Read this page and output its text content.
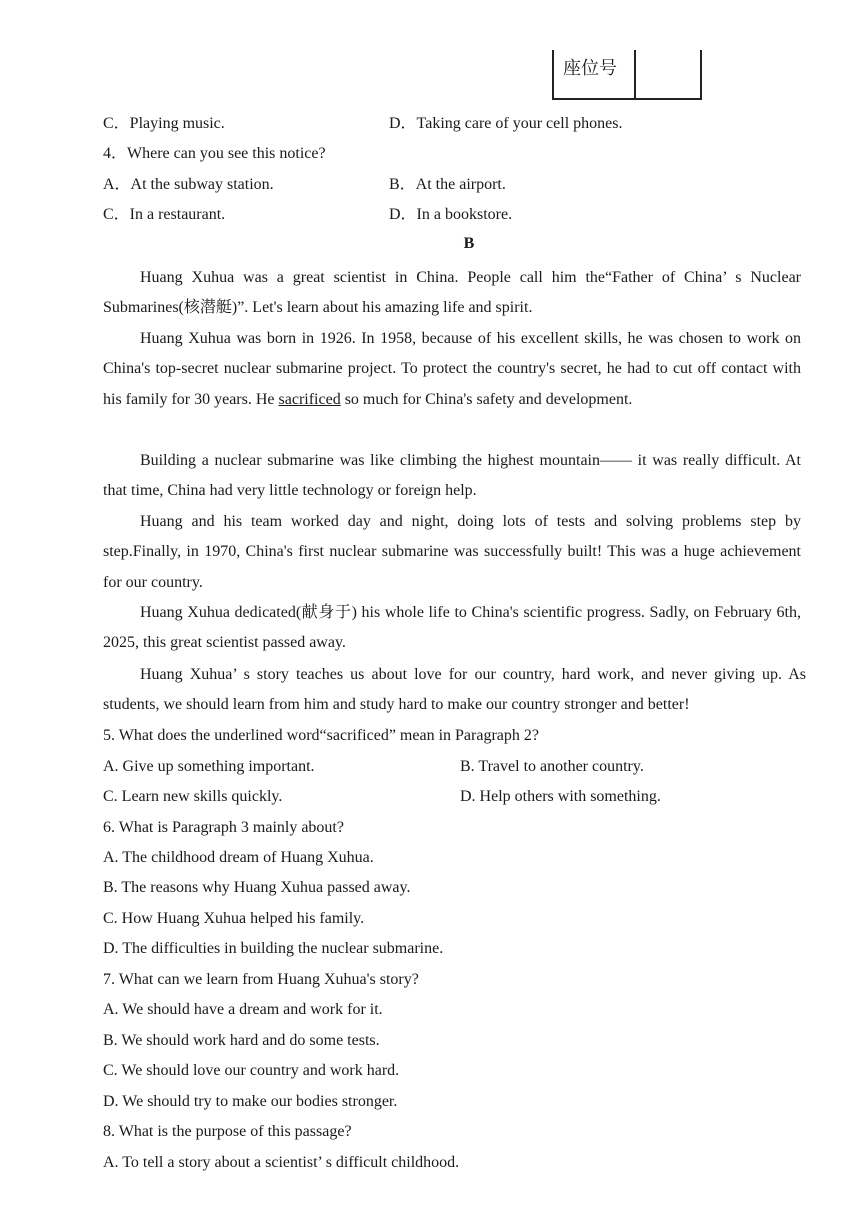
座位号
C．Playing music.	D．Taking care of your cell phones.
4．Where can you see this notice?
A．At the subway station.	B．At the airport.
C．In a restaurant.	D．In a bookstore.
B
Huang Xuhua was a great scientist in China. People call him the“Father of China’ s Nuclear Submarines(核潜艇)”. Let's learn about his amazing life and spirit.
Huang Xuhua was born in 1926. In 1958, because of his excellent skills, he was chosen to work on China's top-secret nuclear submarine project. To protect the country's secret, he had to cut off contact with his family for 30 years. He sacrificed so much for China's safety and development.
Building a nuclear submarine was like climbing the highest mountain—— it was really difficult. At that time, China had very little technology or foreign help.
Huang and his team worked day and night, doing lots of tests and solving problems step by step.Finally, in 1970, China's first nuclear submarine was successfully built! This was a huge achievement for our country.
Huang Xuhua dedicated(献身于) his whole life to China's scientific progress. Sadly, on February 6th, 2025, this great scientist passed away.
Huang Xuhua’ s story teaches us about love for our country, hard work, and never giving up. As students, we should learn from him and study hard to make our country stronger and better!
5. What does the underlined word“sacrificed” mean in Paragraph 2?
A. Give up something important.	B. Travel to another country.
C. Learn new skills quickly.	D. Help others with something.
6. What is Paragraph 3 mainly about?
A. The childhood dream of Huang Xuhua.
B. The reasons why Huang Xuhua passed away.
C. How Huang Xuhua helped his family.
D. The difficulties in building the nuclear submarine.
7. What can we learn from Huang Xuhua's story?
A. We should have a dream and work for it.
B. We should work hard and do some tests.
C. We should love our country and work hard.
D. We should try to make our bodies stronger.
8. What is the purpose of this passage?
A. To tell a story about a scientist’ s difficult childhood.
